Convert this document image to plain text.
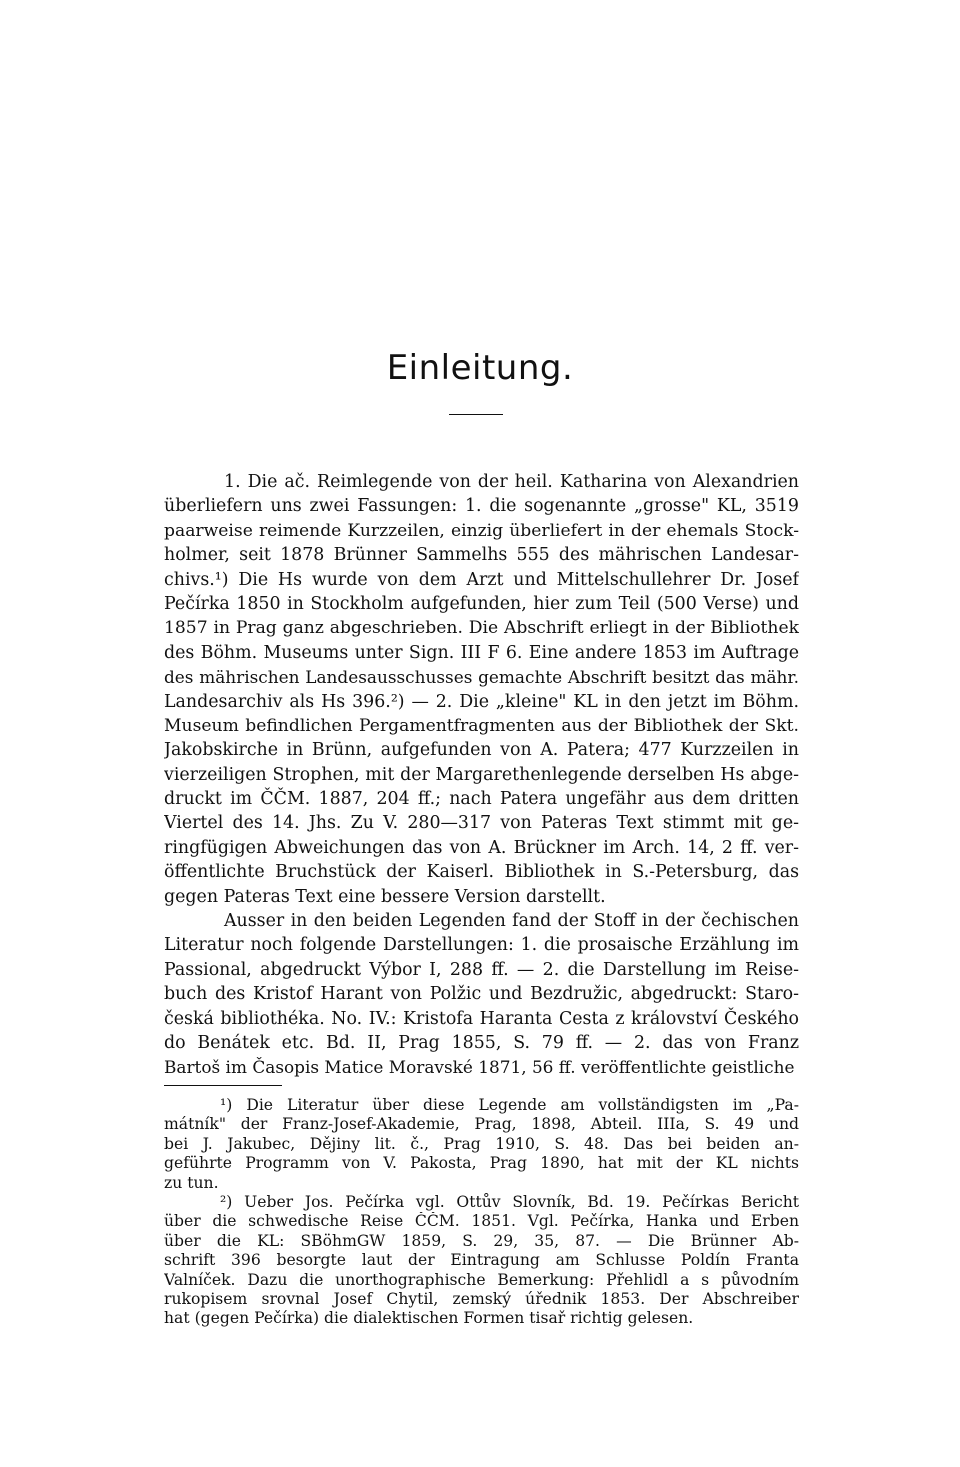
Einleitung.
1. Die ač. Reimlegende von der heil. Katharina von Alexandrien
überliefern uns zwei Fassungen: 1. die sogenannte „grosse" KL, 3519
paarweise reimende Kurzzeilen, einzig überliefert in der ehemals Stock-
holmer, seit 1878 Brünner Sammelhs 555 des mährischen Landesar-
chivs.¹) Die Hs wurde von dem Arzt und Mittelschullehrer Dr. Josef
Pečírka 1850 in Stockholm aufgefunden, hier zum Teil (500 Verse) und
1857 in Prag ganz abgeschrieben. Die Abschrift erliegt in der Bibliothek
des Böhm. Museums unter Sign. III F 6. Eine andere 1853 im Auftrage
des mährischen Landesausschusses gemachte Abschrift besitzt das mähr.
Landesarchiv als Hs 396.²) — 2. Die „kleine" KL in den jetzt im Böhm.
Museum befindlichen Pergamentfragmenten aus der Bibliothek der Skt.
Jakobskirche in Brünn, aufgefunden von A. Patera; 477 Kurzzeilen in
vierzeiligen Strophen, mit der Margarethenlegende derselben Hs abge-
druckt im ČČM. 1887, 204 ff.; nach Patera ungefähr aus dem dritten
Viertel des 14. Jhs. Zu V. 280—317 von Pateras Text stimmt mit ge-
ringfügigen Abweichungen das von A. Brückner im Arch. 14, 2 ff. ver-
öffentlichte Bruchstück der Kaiserl. Bibliothek in S.-Petersburg, das
gegen Pateras Text eine bessere Version darstellt.
Ausser in den beiden Legenden fand der Stoff in der čechischen
Literatur noch folgende Darstellungen: 1. die prosaische Erzählung im
Passional, abgedruckt Výbor I, 288 ff. — 2. die Darstellung im Reise-
buch des Kristof Harant von Polžic und Bezdružic, abgedruckt: Staro-
česká bibliothéka. No. IV.: Kristofa Haranta Cesta z království Českého
do Benátek etc. Bd. II, Prag 1855, S. 79 ff. — 2. das von Franz
Bartoš im Časopis Matice Moravské 1871, 56 ff. veröffentlichte geistliche
¹) Die Literatur über diese Legende am vollständigsten im „Pa-
mátník" der Franz-Josef-Akademie, Prag, 1898, Abteil. IIIa, S. 49 und
bei J. Jakubec, Dějiny lit. č., Prag 1910, S. 48. Das bei beiden an-
geführte Programm von V. Pakosta, Prag 1890, hat mit der KL nichts
zu tun.
²) Ueber Jos. Pečírka vgl. Ottův Slovník, Bd. 19. Pečírkas Bericht
über die schwedische Reise ČČM. 1851. Vgl. Pečírka, Hanka und Erben
über die KL: SBöhmGW 1859, S. 29, 35, 87. — Die Brünner Ab-
schrift 396 besorgte laut der Eintragung am Schlusse Poldín Franta
Valníček. Dazu die unorthographische Bemerkung: Přehlidl a s původním
rukopisem srovnal Josef Chytil, zemský úřednik 1853. Der Abschreiber
hat (gegen Pečírka) die dialektischen Formen tisař richtig gelesen.
